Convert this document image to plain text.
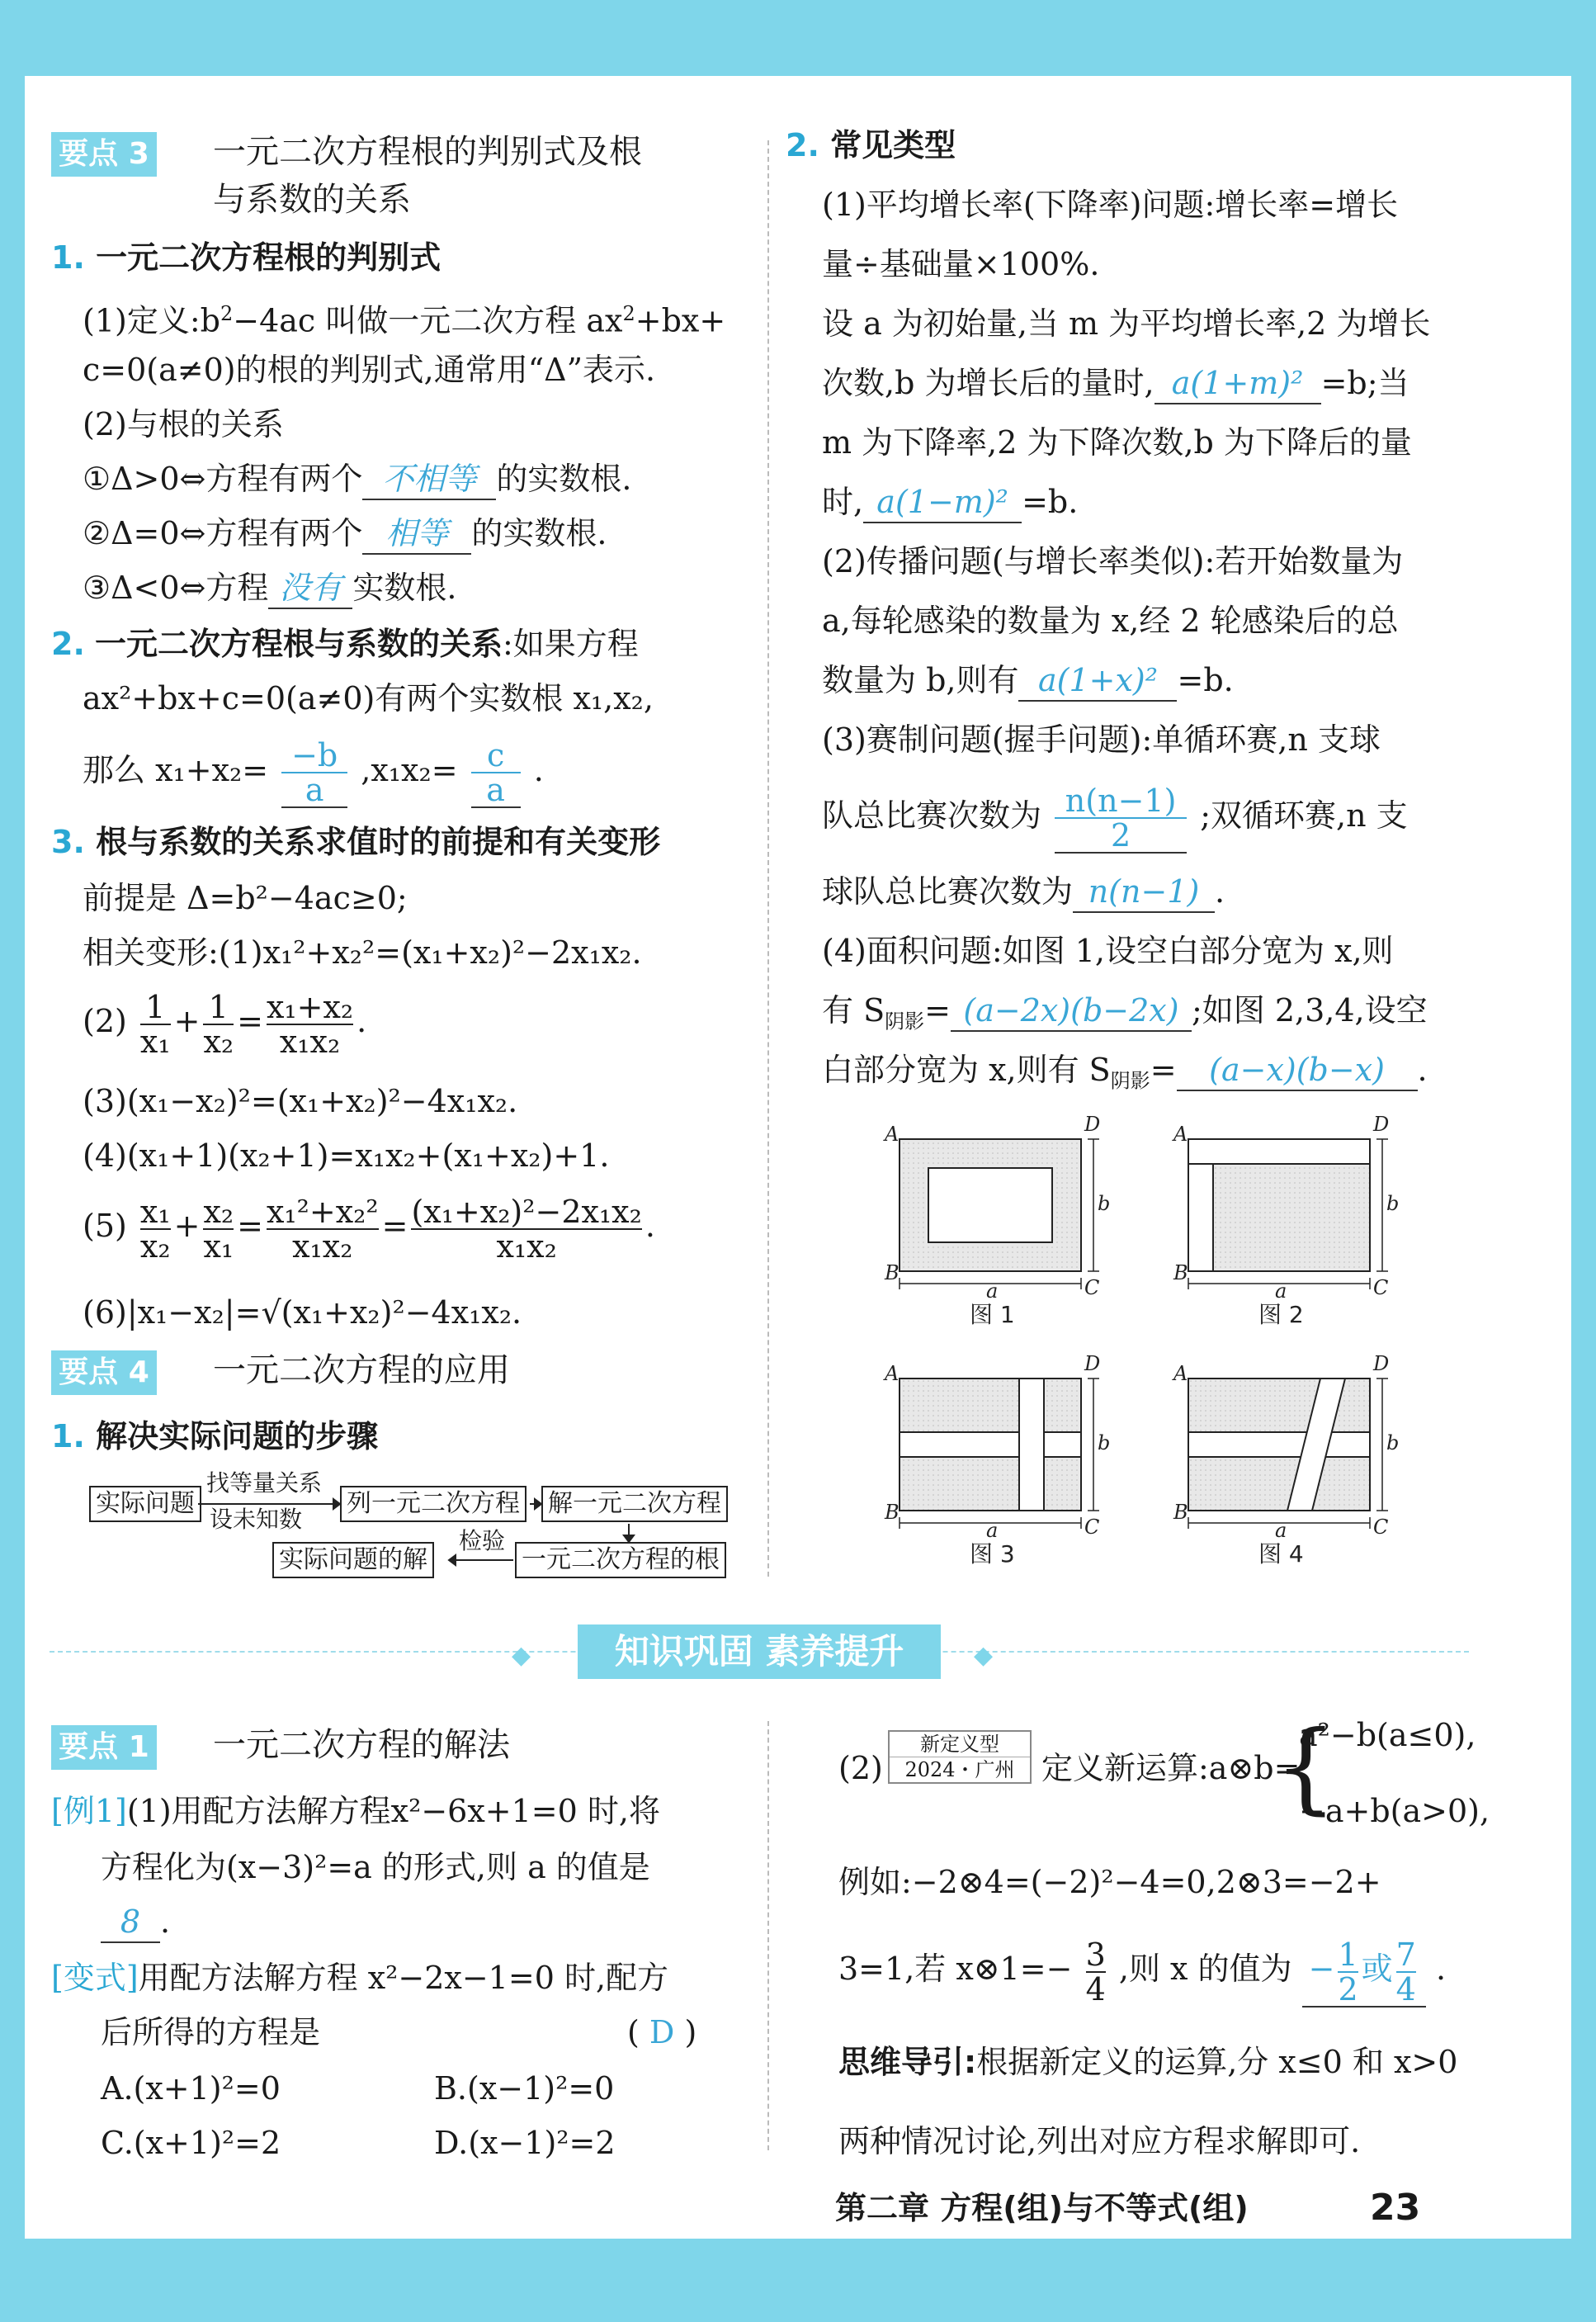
要点 3 一元二次方程根的判别式及根
与系数的关系
1. 一元二次方程根的判别式
(1)定义$:b^2-4ac$ 叫做一元二次方程 $ax^2+bx+$
c=0(a≠0)的根的判别式,通常用“Δ”表示.
(2)与根的关系
①Δ>0⇔方程有两个 不相等 的实数根.
②Δ=0⇔方程有两个 相等 的实数根.
③Δ<0⇔方程 没有 实数根.
2. 一元二次方程根与系数的关系:如果方程
ax²+bx+c=0(a≠0)有两个实数根 x₁,x₂,
那么 $x_1+x_2= \frac{-b}{a} ,x_1x_2= \frac{c}{a}$ .
3. 根与系数的关系求值时的前提和有关变形
前提是 Δ=b²−4ac≥0;
相关变形:(1)x₁²+x₂²=(x₁+x₂)²−2x₁x₂.
$(2) \frac{1}{\text{x₁}} + \frac{1}{\text{x₂}} = \frac{\text{x₁+x₂}}{\text{x₁x₂}}$ .
(3)(x₁−x₂)²=(x₁+x₂)²−4x₁x₂.
(4)(x₁+1)(x₂+1)=x₁x₂+(x₁+x₂)+1.
$(5) \frac{\text{x₁}}{\text{x₂}} + \frac{\text{x₂}}{\text{x₁}} = \frac{\text{x₁²+x₂²}}{\text{x₁x₂}} = \frac{\text{(x₁+x₂)²−2x₁x₂}}{\text{x₁x₂}}$ .
(6)|x₁−x₂|=√(x₁+x₂)²−4x₁x₂.
要点 4 一元二次方程的应用
1. 解决实际问题的步骤
实际问题
找等量关系
设未知数
列一元二次方程 解一元二次方程
一元二次方程的根
检验
实际问题的解
2. 常见类型
(1)平均增长率(下降率)问题:增长率=增长
量÷基础量×100%.
设 a 为初始量,当 m 为平均增长率,2 为增长
次数,b 为增长后的量时, a(1+m)² =b;当
m 为下降率,2 为下降次数,b 为下降后的量
时, a(1−m)² =b.
(2)传播问题(与增长率类似):若开始数量为
a,每轮感染的数量为 x,经 2 轮感染后的总
数量为 b,则有 a(1+x)² =b.
(3)赛制问题(握手问题):单循环赛,n 支球
队总比赛次数为 $\frac{n(n-1)}{2}$ ;双循环赛,n 支
球队总比赛次数为 n(n−1) .
(4)面积问题:如图 1,设空白部分宽为 x,则
有 $S_{阴影}= (a-2x)(b-2x)$ ;如图 2,3,4,设空
白部分宽为 x,则有 $S_{阴影}= (a-x)(b-x)$ .
A
B
C
D
a
b
A
B
C
D
a
b
A
B
C
D
a
b
A
B
C
D
a
b
图 1	图 2
图 3	图 4
◆	◆
知识巩固 素养提升
要点 1 一元二次方程的解法
[例1](1)用配方法解方程x²−6x+1=0 时,将
方程化为(x−3)²=a 的形式,则 a 的值是
8 .
[变式]用配方法解方程 x²−2x−1=0 时,配方
后所得的方程是	( D )
A.(x+1)²=0	B.(x−1)²=0
C.(x+1)²=2	D.(x−1)²=2
(2)
新定义型
2024・广州 定义新运算:a⊗b=
{
a²−b(a≤0),
−a+b(a>0),
例如:−2⊗4=(−2)²−4=0,2⊗3=−2+
3=1,若 x⊗1=− $\frac{3}{4}$ ,则 x 的值为 − $\frac{1}{2}$ 或 $\frac{7}{4}$ .
思维导引:根据新定义的运算,分 x≤0 和 x>0
两种情况讨论,列出对应方程求解即可.
第二章 方程(组)与不等式(组)	23
